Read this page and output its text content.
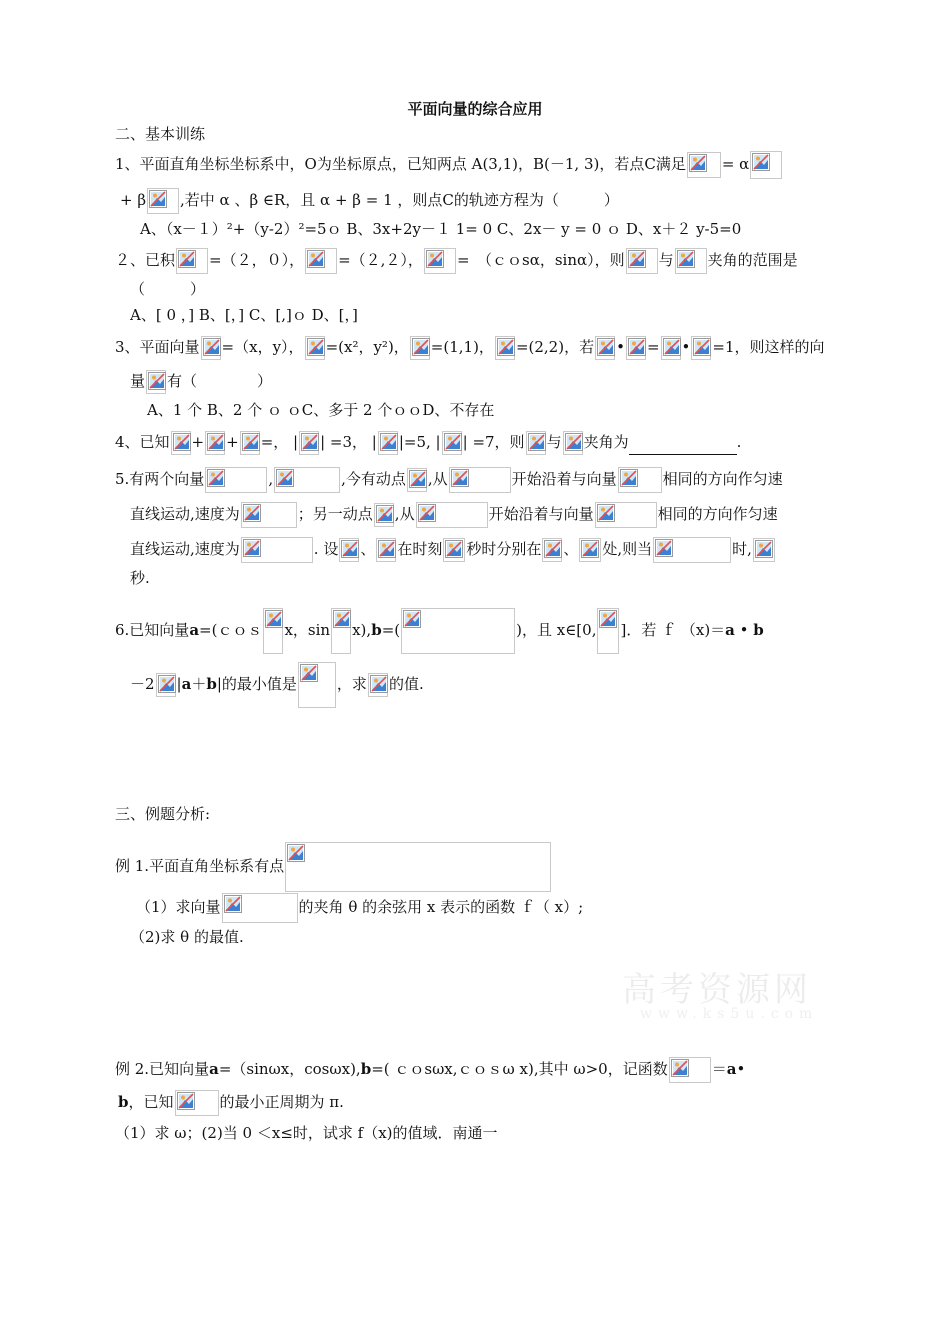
平面向量的综合应用
二、基本训练
1、平面直角坐标坐标系中，O为坐标原点，已知两点 A(3,1)，B(－1, 3)，若点C满足 = α
+ β ,若中 α 、β ∈R，且 α + β = 1 ，则点C的轨迹方程为（　　　）
A、（x－１）²+（y-2）²=5ｏ B、3x+2y－１ 1= 0 C、2x－ y = 0 ｏ D、x＋２ y-5=0
２、已积 =（２，０）， =（２,２）， =　（ｃｏsα，sinα），则 与 夹角的范围是
（　　　）
A、[ 0 ，] B、[，] C、[,]ｏ D、[，]
3、平面向量 =（x，y）， =(x²，y²)， =(1,1)， =(2,2)，若 • = • =1，则这样的向
量 有（　　　　）
A、1 个 B、2 个 ｏ ｏC、多于 2 个ｏｏD、不存在
4、已知 + + =， | | =3， | |=5, | | =7，则 与 夹角为	.
5.有两个向量	,	,今有动点 ,从	开始沿着与向量	相同的方向作匀速
直线运动,速度为	；另一动点 ,从	开始沿着与向量	相同的方向作匀速
直线运动,速度为	. 设 、 在时刻 秒时分别在 、 处,则当	时,
秒.
6.已知向量a=(ｃｏｓ x，sin x),b=(	)，且 x∈[0, ]．若 ｆ （x)＝a • b
－2 |a＋b|的最小值是	，求 的值.
三、例题分析:
例 1.平面直角坐标系有点
（1）求向量	的夹角 θ 的余弦用 x 表示的函数 ｆ（ x）;
（2)求 θ 的最值.
高考资源网
www.ks5u.com
例 2.已知向量a=（sinωx，cosωx),b=( ｃｏsωx,ｃｏｓω x),其中 ω>0，记函数	＝a•
b，已知	的最小正周期为 π.
（1）求 ω；(2)当 0 ＜x≤时，试求 f（x)的值域．南通一
